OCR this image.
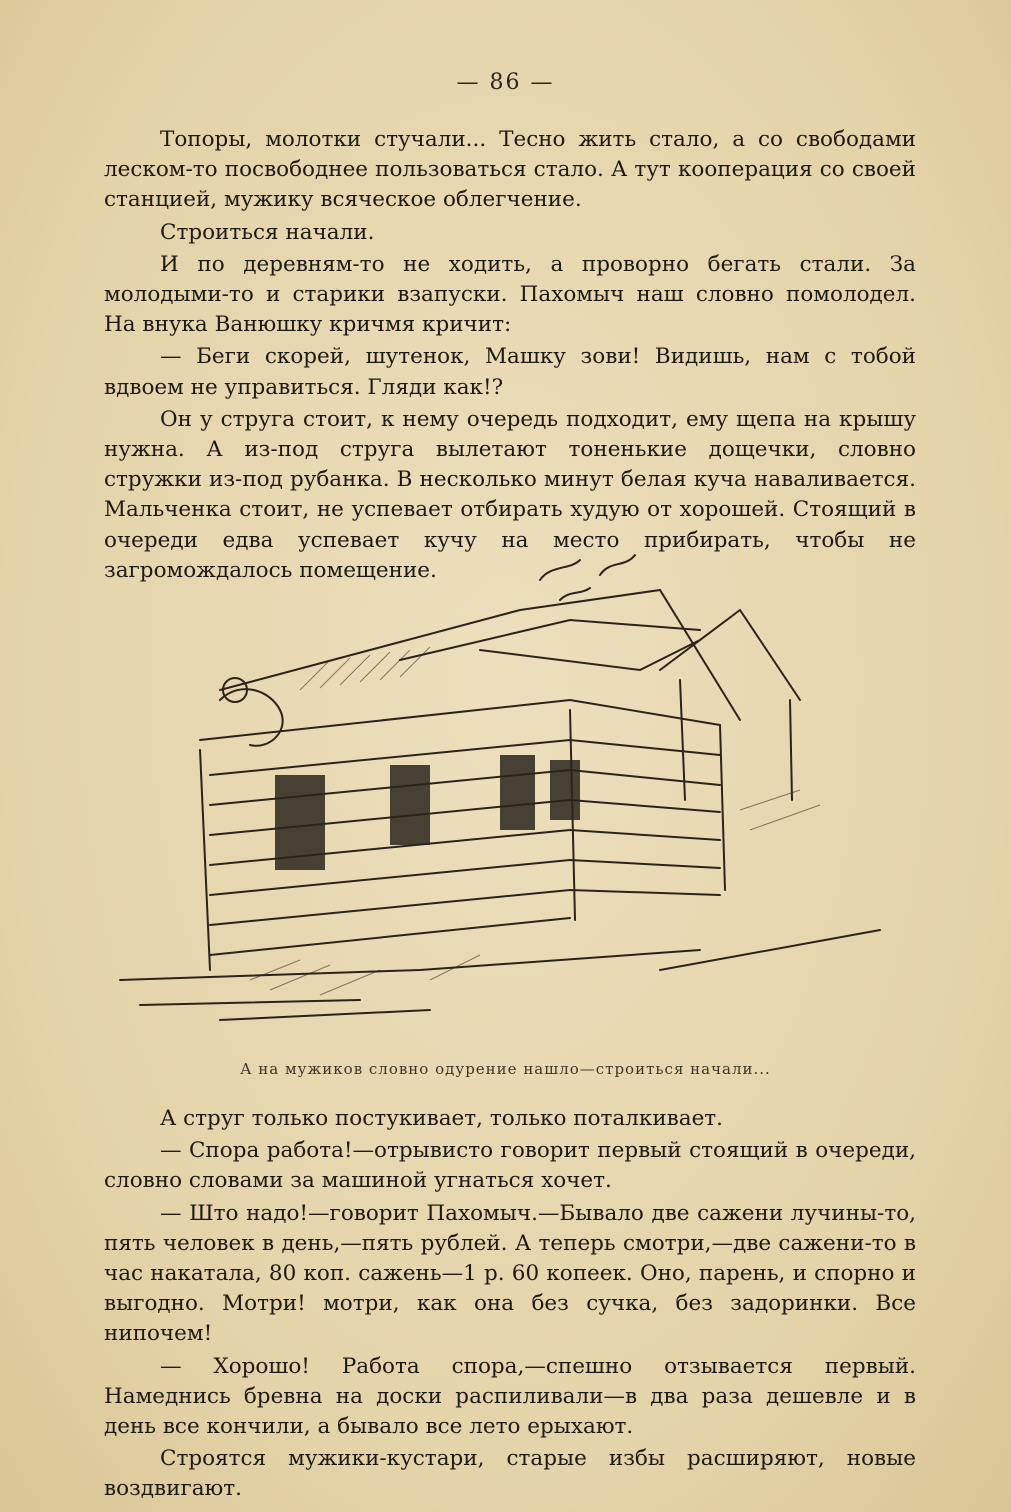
— 86 —

Топоры, молотки стучали... Тесно жить стало, а со свободами леском-то посвободнее пользоваться стало. А тут кооперация со своей станцией, мужику всяческое облегчение.

Строиться начали.

И по деревням-то не ходить, а проворно бегать стали. За молодыми-то и старики взапуски. Пахомыч наш словно помолодел. На внука Ванюшку кричмя кричит:

— Беги скорей, шутенок, Машку зови! Видишь, нам с тобой вдвоем не управиться. Гляди как!?

Он у струга стоит, к нему очередь подходит, ему щепа на крышу нужна. А из-под струга вылетают тоненькие дощечки, словно стружки из-под рубанка. В несколько минут белая куча наваливается. Мальченка стоит, не успевает отбирать худую от хорошей. Стоящий в очереди едва успевает кучу на место прибирать, чтобы не загромождалось помещение.

А на мужиков словно одурение нашло—строиться начали...

А струг только постукивает, только поталкивает.

— Спора работа!—отрывисто говорит первый стоящий в очереди, словно словами за машиной угнаться хочет.

— Што надо!—говорит Пахомыч.—Бывало две сажени лучины-то, пять человек в день,—пять рублей. А теперь смотри,—две сажени-то в час накатала, 80 коп. сажень—1 р. 60 копеек. Оно, парень, и спорно и выгодно. Мотри! мотри, как она без сучка, без задоринки. Все нипочем!

— Хорошо! Работа спора,—спешно отзывается первый. Намеднись бревна на доски распиливали—в два раза дешевле и в день все кончили, а бывало все лето ерыхают.

Строятся мужики-кустари, старые избы расширяют, новые воздвигают.
